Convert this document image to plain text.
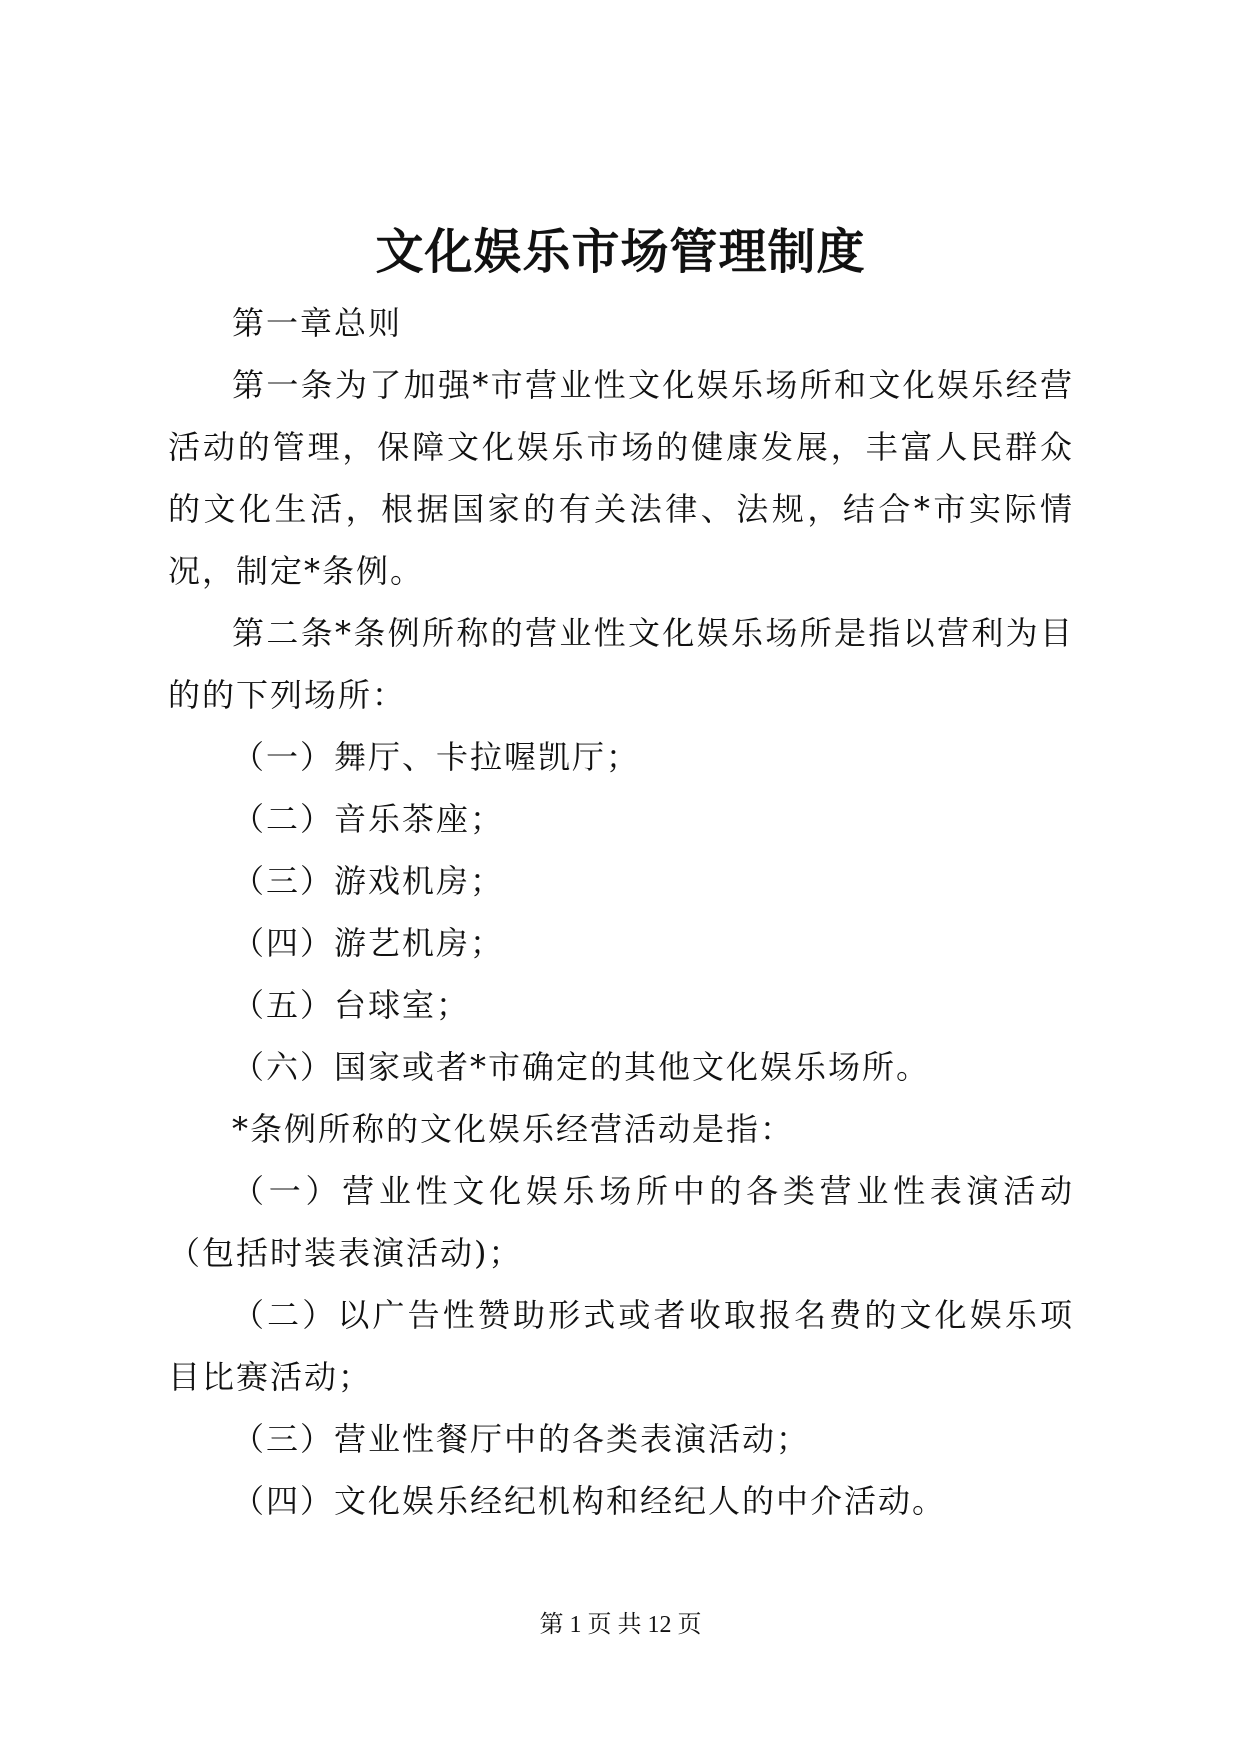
文化娱乐市场管理制度

第一章总则

第一条为了加强*市营业性文化娱乐场所和文化娱乐经营活动的管理，保障文化娱乐市场的健康发展，丰富人民群众的文化生活，根据国家的有关法律、法规，结合*市实际情况，制定*条例。

第二条*条例所称的营业性文化娱乐场所是指以营利为目的的下列场所：

（一）舞厅、卡拉喔凯厅；

（二）音乐茶座；

（三）游戏机房；

（四）游艺机房；

（五）台球室；

（六）国家或者*市确定的其他文化娱乐场所。

*条例所称的文化娱乐经营活动是指：

（一）营业性文化娱乐场所中的各类营业性表演活动（包括时装表演活动)；

（二）以广告性赞助形式或者收取报名费的文化娱乐项目比赛活动；

（三）营业性餐厅中的各类表演活动；

（四）文化娱乐经纪机构和经纪人的中介活动。

第 1 页 共 12 页
